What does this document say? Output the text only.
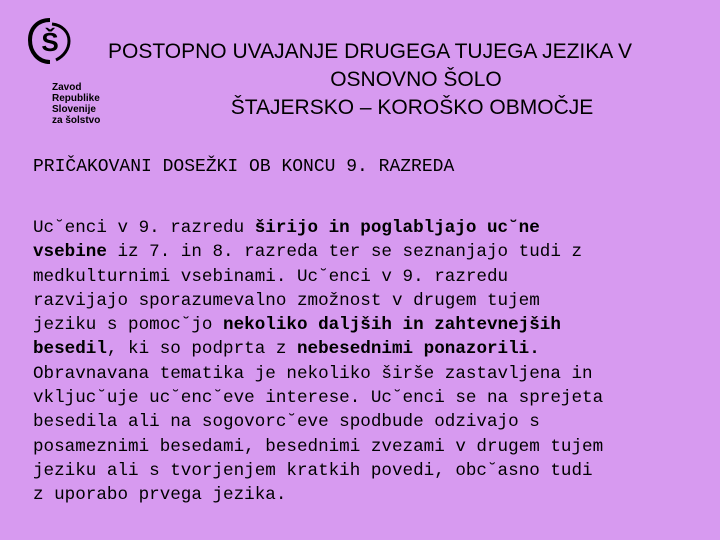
Š
Zavod
Republike
Slovenije
za šolstvo
POSTOPNO UVAJANJE DRUGEGA TUJEGA JEZIKA V
OSNOVNO ŠOLO
ŠTAJERSKO – KOROŠKO OBMOČJE
PRIČAKOVANI DOSEŽKI OB KONCU 9. RAZREDA
Uc˘enci v 9. razredu širijo in poglabljajo uc˘ne
vsebine iz 7. in 8. razreda ter se seznanjajo tudi z
medkulturnimi vsebinami. Uc˘enci v 9. razredu
razvijajo sporazumevalno zmožnost v drugem tujem
jeziku s pomoc˘jo nekoliko daljših in zahtevnejših
besedil, ki so podprta z nebesednimi ponazorili.
Obravnavana tematika je nekoliko širše zastavljena in
vkljuc˘uje uc˘enc˘eve interese. Uc˘enci se na sprejeta
besedila ali na sogovorc˘eve spodbude odzivajo s
posameznimi besedami, besednimi zvezami v drugem tujem
jeziku ali s tvorjenjem kratkih povedi, obc˘asno tudi
z uporabo prvega jezika.
